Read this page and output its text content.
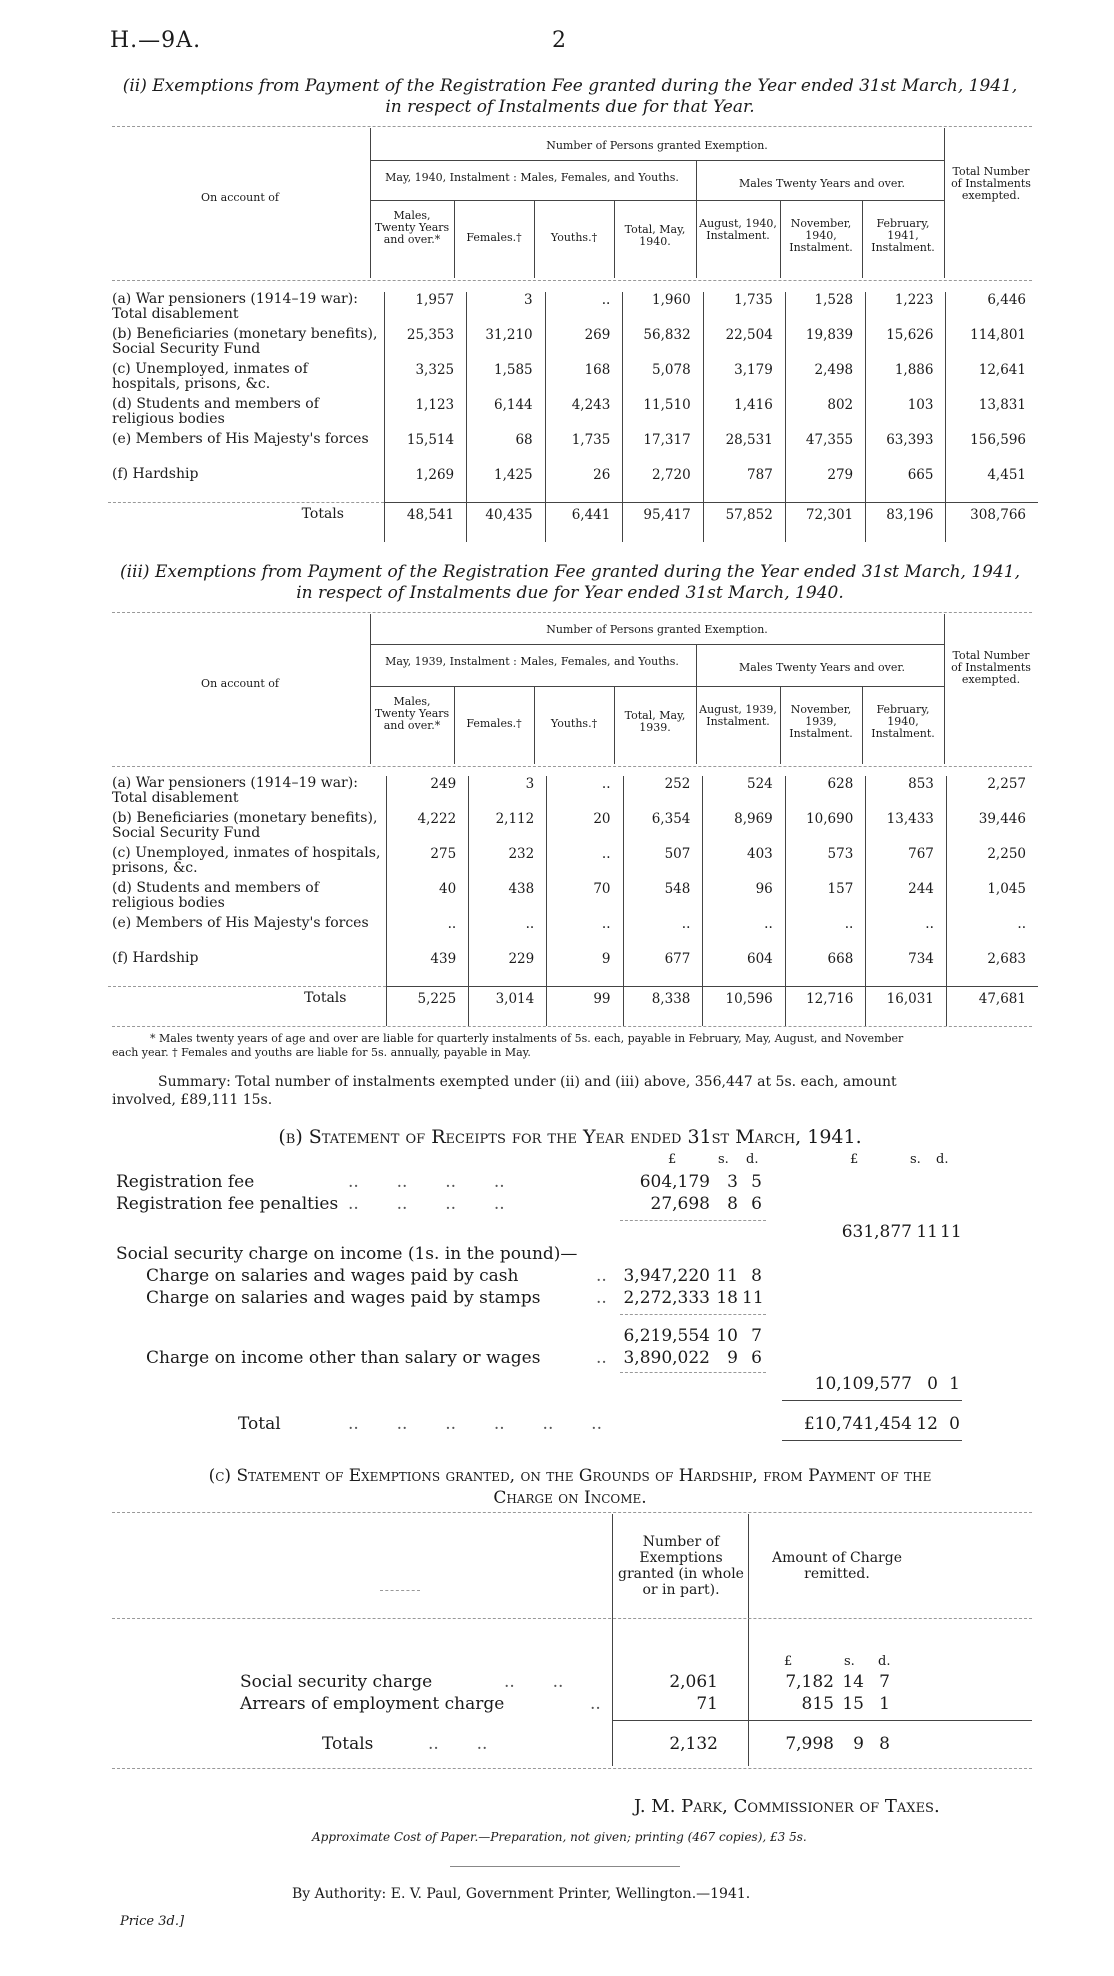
H.—9A.	2
(ii) Exemptions from Payment of the Registration Fee granted during the Year ended 31st March, 1941,
in respect of Instalments due for that Year.
Number of Persons granted Exemption.
May, 1940, Instalment : Males, Females, and Youths.	Males Twenty Years and over.
On account of
Males, Twenty Years and over.*	Females.†	Youths.†
Total, May, 1940.
August, 1940, Instalment.
November, 1940, Instalment.
February, 1941, Instalment.
Total Number of Instalments exempted.
(a) War pensioners (1914–19 war): Total disablement	1,957	3	..	1,960	1,735	1,528	1,223	6,446
(b) Beneficiaries (monetary benefits), Social Security Fund	25,353	31,210	269	56,832	22,504	19,839	15,626	114,801
(c) Unemployed, inmates of hospitals, prisons, &c.	3,325	1,585	168	5,078	3,179	2,498	1,886	12,641
(d) Students and members of religious bodies	1,123	6,144	4,243	11,510	1,416	802	103	13,831
(e) Members of His Majesty's forces	15,514	68	1,735	17,317	28,531	47,355	63,393	156,596
(f) Hardship	1,269	1,425	26	2,720	787	279	665	4,451
Totals	48,541	40,435	6,441	95,417	57,852	72,301	83,196	308,766
(iii) Exemptions from Payment of the Registration Fee granted during the Year ended 31st March, 1941,
in respect of Instalments due for Year ended 31st March, 1940.
Number of Persons granted Exemption.
May, 1939, Instalment : Males, Females, and Youths.	Males Twenty Years and over.
On account of
Males, Twenty Years and over.*	Females.†	Youths.†
Total, May, 1939.
August, 1939, Instalment.
November, 1939, Instalment.
February, 1940, Instalment.
Total Number of Instalments exempted.
(a) War pensioners (1914–19 war): Total disablement	249	3	..	252	524	628	853	2,257
(b) Beneficiaries (monetary benefits), Social Security Fund	4,222	2,112	20	6,354	8,969	10,690	13,433	39,446
(c) Unemployed, inmates of hospitals, prisons, &c.	275	232	..	507	403	573	767	2,250
(d) Students and members of religious bodies	40	438	70	548	96	157	244	1,045
(e) Members of His Majesty's forces	..	..	..	..	..	..	..	..
(f) Hardship	439	229	9	677	604	668	734	2,683
Totals	5,225	3,014	99	8,338	10,596	12,716	16,031	47,681
* Males twenty years of age and over are liable for quarterly instalments of 5s. each, payable in February, May, August, and November
each year. † Females and youths are liable for 5s. annually, payable in May.
Summary: Total number of instalments exempted under (ii) and (iii) above, 356,447 at 5s. each, amount
involved, £89,111 15s.
(b) Statement of Receipts for the Year ended 31st March, 1941.
£	s. d.	£	s. d.
Registration fee	..       ..       ..       ..	604,179	3 5
Registration fee penalties ..       ..       ..       ..	27,698	8 6
631,877 11 11
Social security charge on income (1s. in the pound)—
Charge on salaries and wages paid by cash	.. 3,947,220 11 8
Charge on salaries and wages paid by stamps	.. 2,272,333 18 11
6,219,554 10 7
Charge on income other than salary or wages	.. 3,890,022	9 6
10,109,577 0 1
Total	..       ..       ..       ..       ..       ..	£10,741,454 12 0
(c) Statement of Exemptions granted, on the Grounds of Hardship, from Payment of the
Charge on Income.
Number of Exemptions granted (in whole or in part).
Amount of Charge remitted.
£	s. d.
Social security charge	..       ..	2,061	7,182 14 7
Arrears of employment charge	..	71	815 15 1
Totals	..       ..	2,132	7,998	9 8
J. M. Park, Commissioner of Taxes.
Approximate Cost of Paper.—Preparation, not given; printing (467 copies), £3 5s.
By Authority: E. V. Paul, Government Printer, Wellington.—1941.
Price 3d.]
